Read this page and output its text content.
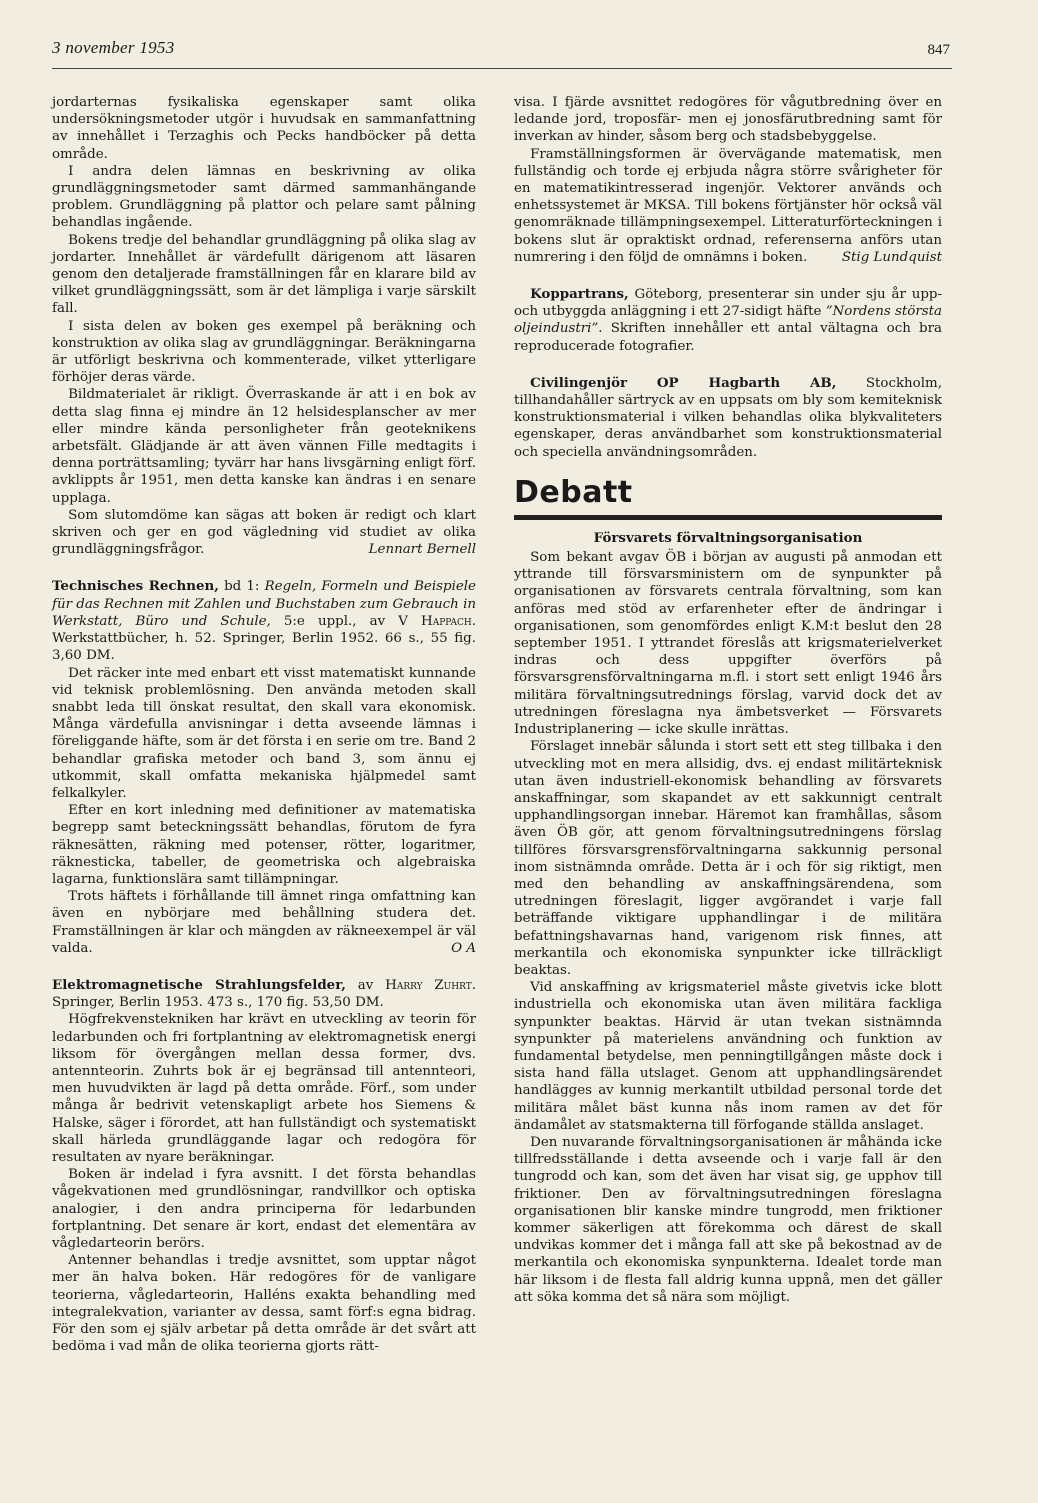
3 november 1953	847

jordarternas fysikaliska egenskaper samt olika undersökningsmetoder utgör i huvudsak en sammanfattning av innehållet i Terzaghis och Pecks handböcker på detta område.

I andra delen lämnas en beskrivning av olika grundläggningsmetoder samt därmed sammanhängande problem. Grundläggning på plattor och pelare samt pålning behandlas ingående.

Bokens tredje del behandlar grundläggning på olika slag av jordarter. Innehållet är värdefullt därigenom att läsaren genom den detaljerade framställningen får en klarare bild av vilket grundläggningssätt, som är det lämpliga i varje särskilt fall.

I sista delen av boken ges exempel på beräkning och konstruktion av olika slag av grundläggningar. Beräkningarna är utförligt beskrivna och kommenterade, vilket ytterligare förhöjer deras värde.

Bildmaterialet är rikligt. Överraskande är att i en bok av detta slag finna ej mindre än 12 helsidesplanscher av mer eller mindre kända personligheter från geoteknikens arbetsfält. Glädjande är att även vännen Fille medtagits i denna porträttsamling; tyvärr har hans livsgärning enligt förf. avklippts år 1951, men detta kanske kan ändras i en senare upplaga.

Som slutomdöme kan sägas att boken är redigt och klart skriven och ger en god vägledning vid studiet av olika grundläggningsfrågor.	Lennart Bernell

Technisches Rechnen, bd 1: Regeln, Formeln und Beispiele für das Rechnen mit Zahlen und Buchstaben zum Gebrauch in Werkstatt, Büro und Schule, 5:e uppl., av V Happach. Werkstattbücher, h. 52. Springer, Berlin 1952. 66 s., 55 fig. 3,60 DM.

Det räcker inte med enbart ett visst matematiskt kunnande vid teknisk problemlösning. Den använda metoden skall snabbt leda till önskat resultat, den skall vara ekonomisk. Många värdefulla anvisningar i detta avseende lämnas i föreliggande häfte, som är det första i en serie om tre. Band 2 behandlar grafiska metoder och band 3, som ännu ej utkommit, skall omfatta mekaniska hjälpmedel samt felkalkyler.

Efter en kort inledning med definitioner av matematiska begrepp samt beteckningssätt behandlas, förutom de fyra räknesätten, räkning med potenser, rötter, logaritmer, räknesticka, tabeller, de geometriska och algebraiska lagarna, funktionslära samt tillämpningar.

Trots häftets i förhållande till ämnet ringa omfattning kan även en nybörjare med behållning studera det. Framställningen är klar och mängden av räkneexempel är väl valda.	O A

Elektromagnetische Strahlungsfelder, av Harry Zuhrt. Springer, Berlin 1953. 473 s., 170 fig. 53,50 DM.

Högfrekvenstekniken har krävt en utveckling av teorin för ledarbunden och fri fortplantning av elektromagnetisk energi liksom för övergången mellan dessa former, dvs. antennteorin. Zuhrts bok är ej begränsad till antennteori, men huvudvikten är lagd på detta område. Förf., som under många år bedrivit vetenskapligt arbete hos Siemens & Halske, säger i förordet, att han fullständigt och systematiskt skall härleda grundläggande lagar och redogöra för resultaten av nyare beräkningar.

Boken är indelad i fyra avsnitt. I det första behandlas vågekvationen med grundlösningar, randvillkor och optiska analogier, i den andra principerna för ledarbunden fortplantning. Det senare är kort, endast det elementära av vågledarteorin berörs.

Antenner behandlas i tredje avsnittet, som upptar något mer än halva boken. Här redogöres för de vanligare teorierna, vågledarteorin, Halléns exakta behandling med integralekvation, varianter av dessa, samt förf:s egna bidrag. För den som ej själv arbetar på detta område är det svårt att bedöma i vad mån de olika teorierna gjorts rätt-

visa. I fjärde avsnittet redogöres för vågutbredning över en ledande jord, troposfär- men ej jonosfärutbredning samt för inverkan av hinder, såsom berg och stadsbebyggelse.

Framställningsformen är övervägande matematisk, men fullständig och torde ej erbjuda några större svårigheter för en matematikintresserad ingenjör. Vektorer används och enhetssystemet är MKSA. Till bokens förtjänster hör också väl genomräknade tillämpningsexempel. Litteraturförteckningen i bokens slut är opraktiskt ordnad, referenserna anförs utan numrering i den följd de omnämns i boken.	Stig Lundquist

Koppartrans, Göteborg, presenterar sin under sju år upp- och utbyggda anläggning i ett 27-sidigt häfte ”Nordens största oljeindustri”. Skriften innehåller ett antal vältagna och bra reproducerade fotografier.

Civilingenjör OP Hagbarth AB, Stockholm, tillhandahåller särtryck av en uppsats om bly som kemiteknisk konstruktionsmaterial i vilken behandlas olika blykvaliteters egenskaper, deras användbarhet som konstruktionsmaterial och speciella användningsområden.

Debatt
Försvarets förvaltningsorganisation

Som bekant avgav ÖB i början av augusti på anmodan ett yttrande till försvarsministern om de synpunkter på organisationen av försvarets centrala förvaltning, som kan anföras med stöd av erfarenheter efter de ändringar i organisationen, som genomfördes enligt K.M:t beslut den 28 september 1951. I yttrandet föreslås att krigsmaterielverket indras och dess uppgifter överförs på försvarsgrensförvaltningarna m.fl. i stort sett enligt 1946 års militära förvaltningsutrednings förslag, varvid dock det av utredningen föreslagna nya ämbetsverket — Försvarets Industriplanering — icke skulle inrättas.

Förslaget innebär sålunda i stort sett ett steg tillbaka i den utveckling mot en mera allsidig, dvs. ej endast militärteknisk utan även industriell-ekonomisk behandling av försvarets anskaffningar, som skapandet av ett sakkunnigt centralt upphandlingsorgan innebar. Häremot kan framhållas, såsom även ÖB gör, att genom förvaltningsutredningens förslag tillföres försvarsgrensförvaltningarna sakkunnig personal inom sistnämnda område. Detta är i och för sig riktigt, men med den behandling av anskaffningsärendena, som utredningen föreslagit, ligger avgörandet i varje fall beträffande viktigare upphandlingar i de militära befattningshavarnas hand, varigenom risk finnes, att merkantila och ekonomiska synpunkter icke tillräckligt beaktas.

Vid anskaffning av krigsmateriel måste givetvis icke blott industriella och ekonomiska utan även militära fackliga synpunkter beaktas. Härvid är utan tvekan sistnämnda synpunkter på materielens användning och funktion av fundamental betydelse, men penningtillgången måste dock i sista hand fälla utslaget. Genom att upphandlingsärendet handlägges av kunnig merkantilt utbildad personal torde det militära målet bäst kunna nås inom ramen av det för ändamålet av statsmakterna till förfogande ställda anslaget.

Den nuvarande förvaltningsorganisationen är måhända icke tillfredsställande i detta avseende och i varje fall är den tungrodd och kan, som det även har visat sig, ge upphov till friktioner. Den av förvaltningsutredningen föreslagna organisationen blir kanske mindre tungrodd, men friktioner kommer säkerligen att förekomma och därest de skall undvikas kommer det i många fall att ske på bekostnad av de merkantila och ekonomiska synpunkterna. Idealet torde man här liksom i de flesta fall aldrig kunna uppnå, men det gäller att söka komma det så nära som möjligt.
